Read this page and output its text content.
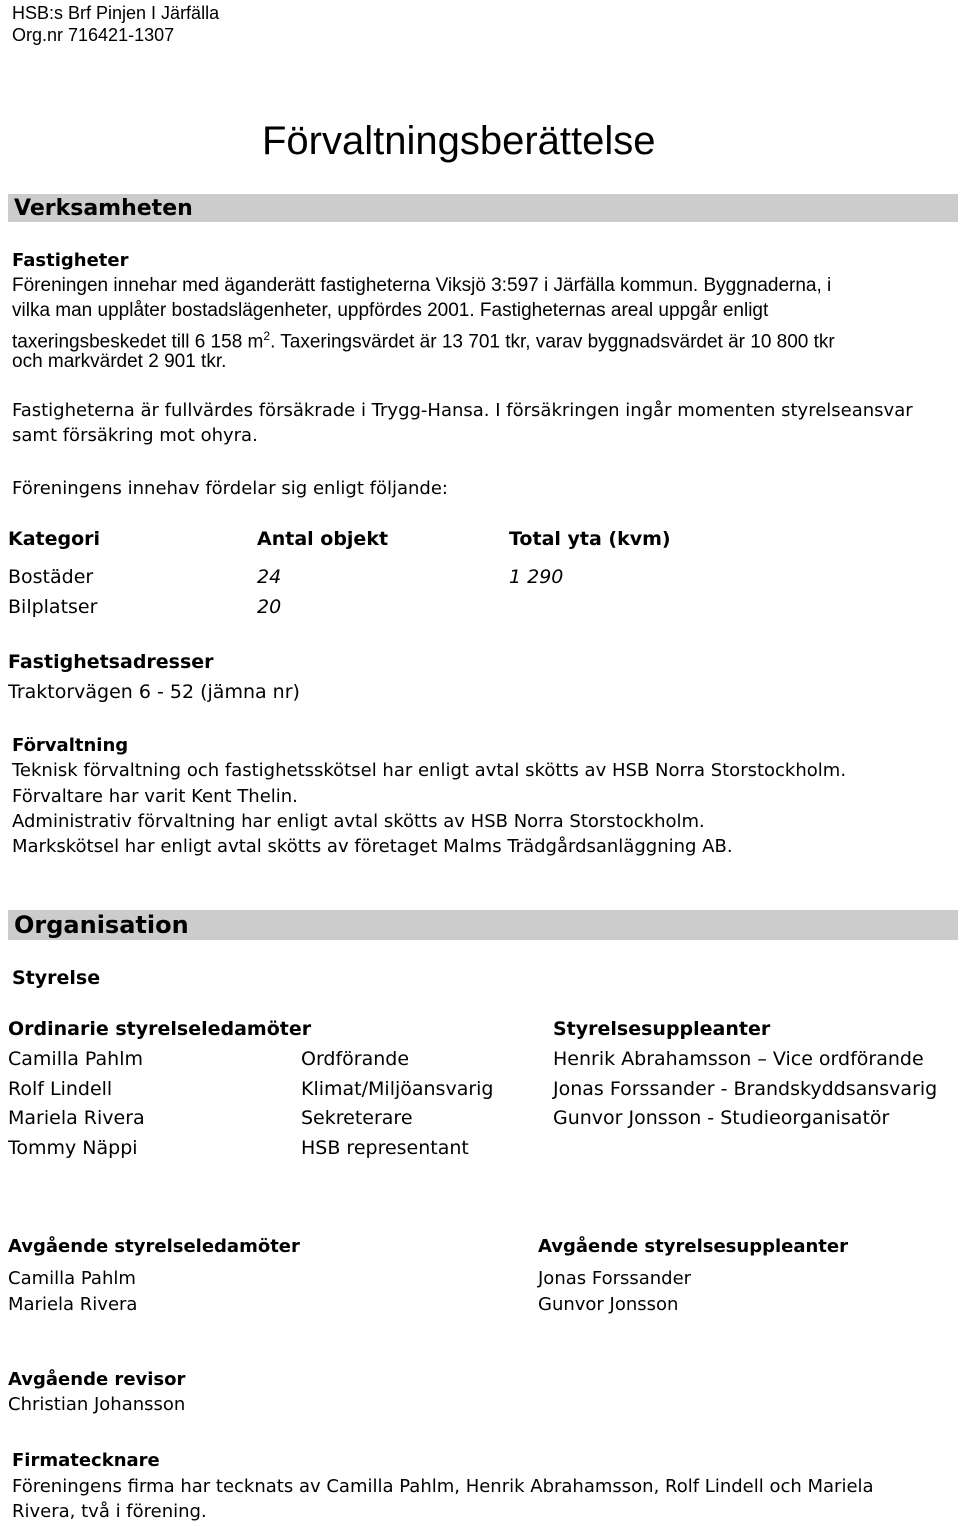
HSB:s Brf Pinjen I Järfälla
Org.nr 716421-1307
Förvaltningsberättelse
Verksamheten
Fastigheter
Föreningen innehar med äganderätt fastigheterna Viksjö 3:597 i Järfälla kommun. Byggnaderna, i
vilka man upplåter bostadslägenheter, uppfördes 2001. Fastigheternas areal uppgår enligt
taxeringsbeskedet till 6 158 $m^2$. Taxeringsvärdet är 13 701 tkr, varav byggnadsvärdet är 10 800 tkr
och markvärdet 2 901 tkr.
Fastigheterna är fullvärdes försäkrade i Trygg-Hansa. I försäkringen ingår momenten styrelseansvar
samt försäkring mot ohyra.
Föreningens innehav fördelar sig enligt följande:
Kategori	Antal objekt	Total yta (kvm)
Bostäder	24	1 290
Bilplatser	20
Fastighetsadresser
Traktorvägen 6 - 52 (jämna nr)
Förvaltning
Teknisk förvaltning och fastighetsskötsel har enligt avtal skötts av HSB Norra Storstockholm.
Förvaltare har varit Kent Thelin.
Administrativ förvaltning har enligt avtal skötts av HSB Norra Storstockholm.
Markskötsel har enligt avtal skötts av företaget Malms Trädgårdsanläggning AB.
Organisation
Styrelse
Ordinarie styrelseledamöter
Camilla Pahlm	Ordförande
Rolf Lindell	Klimat/Miljöansvarig
Mariela Rivera	Sekreterare
Tommy Näppi	HSB representant
Styrelsesuppleanter
Henrik Abrahamsson – Vice ordförande
Jonas Forssander - Brandskyddsansvarig
Gunvor Jonsson - Studieorganisatör
Avgående styrelseledamöter
Camilla Pahlm
Mariela Rivera
Avgående styrelsesuppleanter
Jonas Forssander
Gunvor Jonsson
Avgående revisor
Christian Johansson
Firmatecknare
Föreningens firma har tecknats av Camilla Pahlm, Henrik Abrahamsson, Rolf Lindell och Mariela
Rivera, två i förening.
